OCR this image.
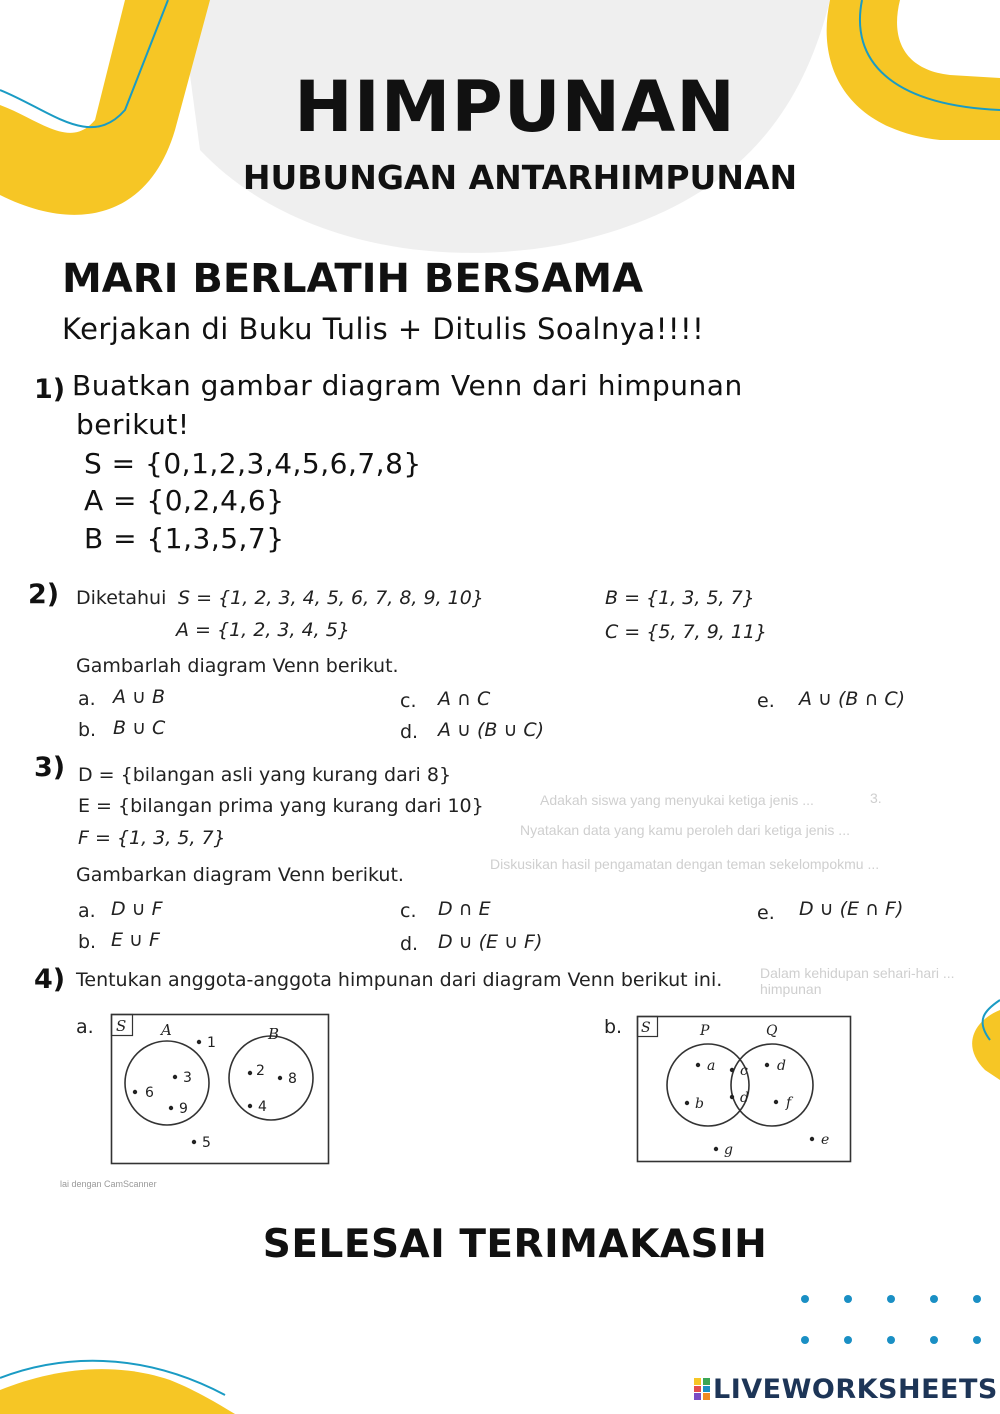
HIMPUNAN
HUBUNGAN ANTARHIMPUNAN
MARI BERLATIH BERSAMA
Kerjakan di Buku Tulis + Ditulis Soalnya!!!!
1) Buatkan gambar diagram Venn dari himpunan
berikut!
S = {0,1,2,3,4,5,6,7,8}
A = {0,2,4,6}
B = {1,3,5,7}
3.
Adakah siswa yang menyukai ketiga jenis ...
Nyatakan data yang kamu peroleh dari ketiga jenis ...
Diskusikan hasil pengamatan dengan teman sekelompokmu ...
Dalam kehidupan sehari-hari ... himpunan
2) Diketahui S = {1, 2, 3, 4, 5, 6, 7, 8, 9, 10}
A = {1, 2, 3, 4, 5}
B = {1, 3, 5, 7}
C = {5, 7, 9, 11}
Gambarlah diagram Venn berikut.
a. A ∪ B
b. B ∪ C
c. A ∩ C
d. A ∪ (B ∪ C)
e. A ∪ (B ∩ C)
3) D = {bilangan asli yang kurang dari 8}
E = {bilangan prima yang kurang dari 10}
F = {1, 3, 5, 7}
Gambarkan diagram Venn berikut.
a. D ∪ F
b. E ∪ F
c. D ∩ E
d. D ∪ (E ∪ F)
e. D ∪ (E ∩ F)
4) Tentukan anggota-anggota himpunan dari diagram Venn berikut ini.
a.	b.
S A	B
1
6
3
9
2 8
4
5
S	P	Q
a
b
c
d
d
f
g
e
lai dengan CamScanner
SELESAI TERIMAKASIH
LIVEWORKSHEETS
